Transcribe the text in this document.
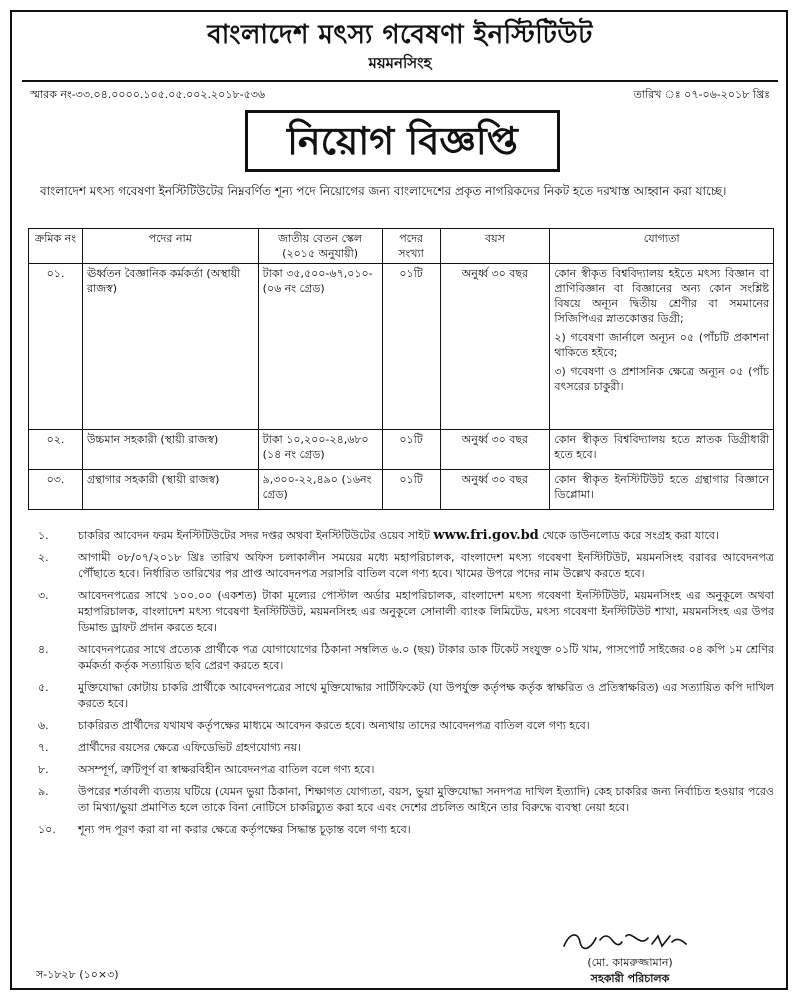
বাংলাদেশ মৎস্য গবেষণা ইনস্টিটিউট
ময়মনসিংহ
স্মারক নং-৩৩.০৪.০০০০.১০৫.০৫.০০২.২০১৮-৫৩৬	তারিখ ঃ ০৭-০৬-২০১৮ খ্রিঃ
নিয়োগ বিজ্ঞপ্তি
বাংলাদেশ মৎস্য গবেষণা ইনস্টিটিউটের নিম্নবর্ণিত শূন্য পদে নিয়োগের জন্য বাংলাদেশের প্রকৃত নাগরিকদের নিকট হতে দরখাস্ত আহ্বান করা যাচ্ছে।
ক্রমিক নং	পদের নাম	জাতীয় বেতন স্কেল (২০১৫ অনুযায়ী)	পদের সংখ্যা	বয়স	যোগ্যতা
০১.	ঊর্ধ্বতন বৈজ্ঞানিক কর্মকর্তা (অস্থায়ী রাজস্ব)	টাকা ৩৫,৫০০-৬৭,০১০-(০৬ নং গ্রেড)	০১টি	অনুর্ধ্ব ৩০ বছর	কোন স্বীকৃত বিশ্ববিদ্যালয় হইতে মৎস্য বিজ্ঞান বা প্রাণিবিজ্ঞান বা বিজ্ঞানের অন্য কোন সংশ্লিষ্ট বিষয়ে অন্যূন দ্বিতীয় শ্রেণীর বা সমমানের সিজিপিএর স্নাতকোত্তর ডিগ্রী;

২) গবেষণা জার্নালে অন্যূন ০৫ (পাঁচটি প্রকাশনা থাকিতে হইবে;

৩) গবেষণা ও প্রশাসনিক ক্ষেত্রে অন্যূন ০৫ (পাঁচ বৎসরের চাকুরী।

০২.	উচ্চমান সহকারী (স্থায়ী রাজস্ব)	টাকা ১০,২০০-২৪,৬৮০ (১৪ নং গ্রেড)	০১টি	অনুর্ধ্ব ৩০ বছর	কোন স্বীকৃত বিশ্ববিদ্যালয় হতে স্নাতক ডিগ্রীধারী হতে হবে।

০৩.	গ্রন্থাগার সহকারী (স্থায়ী রাজস্ব)	৯,৩০০-২২,৪৯০ (১৬নং গ্রেড)	০১টি	অনুর্ধ্ব ৩০ বছর	কোন স্বীকৃত ইনস্টিটিউট হতে গ্রন্থাগার বিজ্ঞানে ডিপ্লোমা।

১.	চাকরির আবেদন ফরম ইনস্টিটিউটের সদর দপ্তর অথবা ইনস্টিটিউটের ওয়েব সাইট www.fri.gov.bd থেকে ডাউনলোড করে সংগ্রহ করা যাবে।
২.	আগামী ০৮/০৭/২০১৮ খ্রিঃ তারিখ অফিস চলাকালীন সময়ের মধ্যে মহাপরিচালক, বাংলাদেশ মৎস্য গবেষণা ইনস্টিটিউট, ময়মনসিংহ বরাবর আবেদনপত্র পৌঁছাতে হবে। নির্ধারিত তারিখের পর প্রাপ্ত আবেদনপত্র সরাসরি বাতিল বলে গণ্য হবে। খামের উপরে পদের নাম উল্লেখ করতে হবে।
৩.	আবেদনপত্রের সাথে ১০০.০০ (একশত) টাকা মূল্যের পোস্টাল অর্ডার মহাপরিচালক, বাংলাদেশ মৎস্য গবেষণা ইনস্টিটিউট, ময়মনসিংহ এর অনুকূলে অথবা মহাপরিচালক, বাংলাদেশ মৎস্য গবেষণা ইনস্টিটিউট, ময়মনসিংহ এর অনুকূলে সোনালী ব্যাংক লিমিটেড, মৎস্য গবেষণা ইনস্টিটিউট শাখা, ময়মনসিংহ এর উপর ডিমান্ড ড্রাফট প্রদান করতে হবে।
৪.	আবেদনপত্রের সাথে প্রত্যেক প্রার্থীকে পত্র যোগাযোগের ঠিকানা সম্বলিত ৬.০ (ছয়) টাকার ডাক টিকেট সংযুক্ত ০১টি খাম, পাসপোর্ট সাইজের ০৪ কপি ১ম শ্রেণির কর্মকর্তা কর্তৃক সত্যায়িত ছবি প্রেরণ করতে হবে।
৫.	মুক্তিযোদ্ধা কোটায় চাকরি প্রার্থীকে আবেদনপত্রের সাথে মুক্তিযোদ্ধার সার্টিফিকেট (যা উপর্যুক্ত কর্তৃপক্ষ কর্তৃক স্বাক্ষরিত ও প্রতিস্বাক্ষরিত) এর সত্যায়িত কপি দাখিল করতে হবে।
৬.	চাকরিরত প্রার্থীদের যথাযথ কর্তৃপক্ষের মাধ্যমে আবেদন করতে হবে। অন্যথায় তাদের আবেদনপত্র বাতিল বলে গণ্য হবে।
৭.	প্রার্থীদের বয়সের ক্ষেত্রে এফিডেভিট গ্রহণযোগ্য নয়।
৮.	অসম্পূর্ণ, ত্রুটিপূর্ণ বা স্বাক্ষরবিহীন আবেদনপত্র বাতিল বলে গণ্য হবে।
৯.	উপরের শর্তাবলী ব্যত্যয় ঘটিয়ে (যেমন ভুয়া ঠিকানা, শিক্ষাগত যোগ্যতা, বয়স, ভুয়া মুক্তিযোদ্ধা সনদপত্র দাখিল ইত্যাদি) কেহ চাকরির জন্য নির্বাচিত হওয়ার পরেও তা মিথ্যা/ভুয়া প্রমাণিত হলে তাকে বিনা নোটিসে চাকরিচ্যুত করা হবে এবং দেশের প্রচলিত আইনে তার বিরুদ্ধে ব্যবস্থা নেয়া হবে।
১০.	শূন্য পদ পূরণ করা বা না করার ক্ষেত্রে কর্তৃপক্ষের সিদ্ধান্ত চূড়ান্ত বলে গণ্য হবে।
(মো. কামরুজ্জামান)
সহকারী পরিচালক
স-১৮২৮ (১০×৩)
